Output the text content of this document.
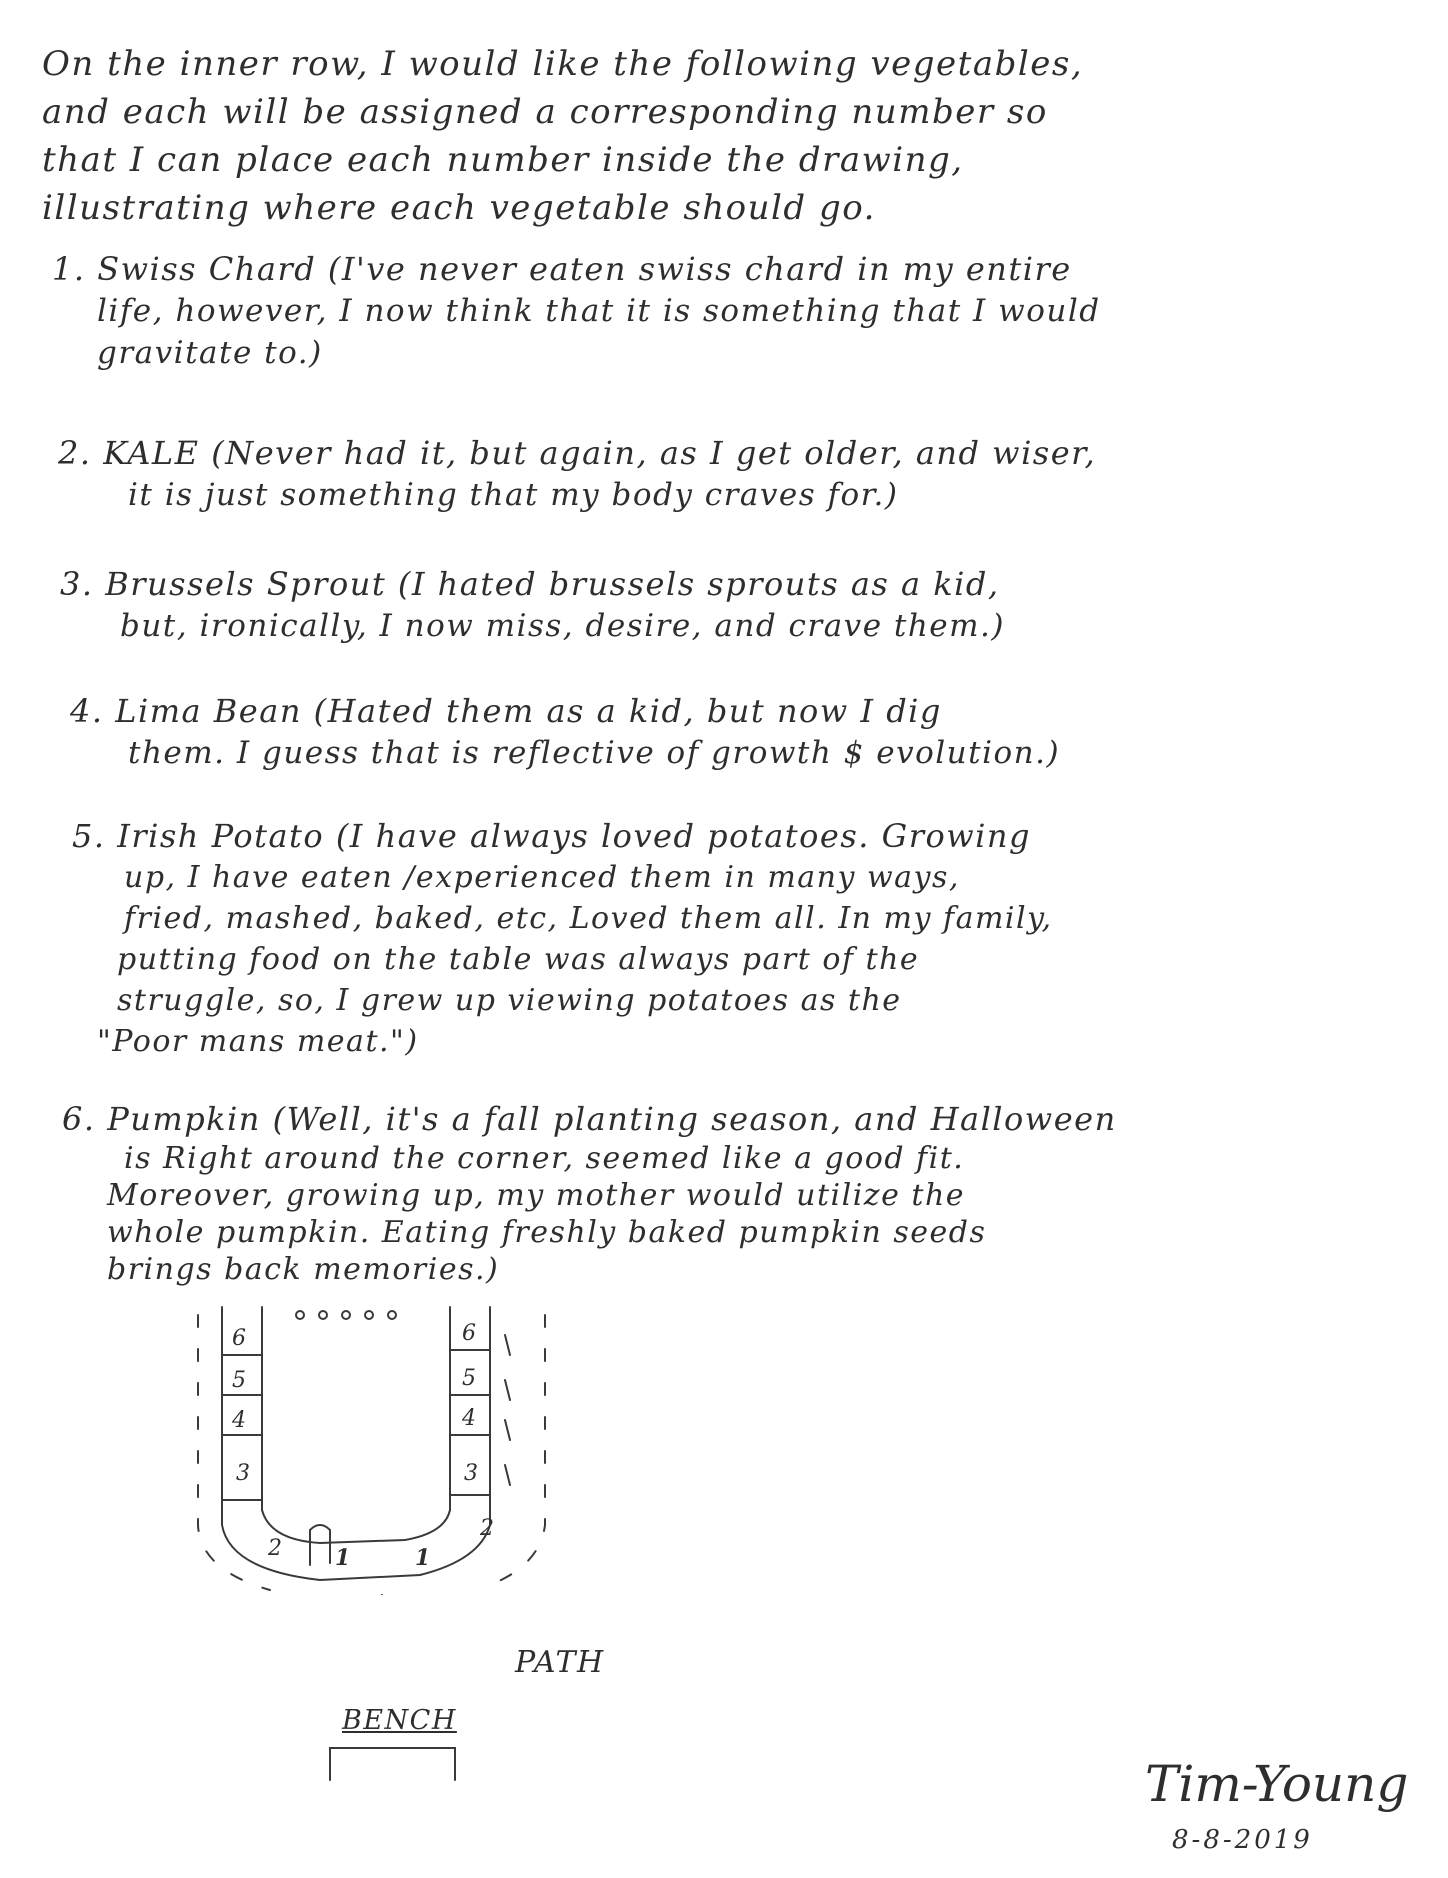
On the inner row, I would like the following vegetables,
and each will be assigned a corresponding number so
that I can place each number inside the drawing,
illustrating where each vegetable should go.
1. Swiss Chard (I've never eaten swiss chard in my entire
life, however, I now think that it is something that I would
gravitate to.)
2. KALE (Never had it, but again, as I get older, and wiser,
it is just something that my body craves for.)
3. Brussels Sprout (I hated brussels sprouts as a kid,
but, ironically, I now miss, desire, and crave them.)
4. Lima Bean (Hated them as a kid, but now I dig
them. I guess that is reflective of growth $ evolution.)
5. Irish Potato (I have always loved potatoes. Growing
up, I have eaten /experienced them in many ways,
fried, mashed, baked, etc, Loved them all. In my family,
putting food on the table was always part of the
struggle, so, I grew up viewing potatoes as the
"Poor mans meat.")
6. Pumpkin (Well, it's a fall planting season, and Halloween
is Right around the corner, seemed like a good fit.
Moreover, growing up, my mother would utilize the
whole pumpkin. Eating freshly baked pumpkin seeds
brings back memories.)
6
5
4
3
2
6
5
4
3
2
1	1
PATH
BENCH
Tim-Young
8-8-2019
